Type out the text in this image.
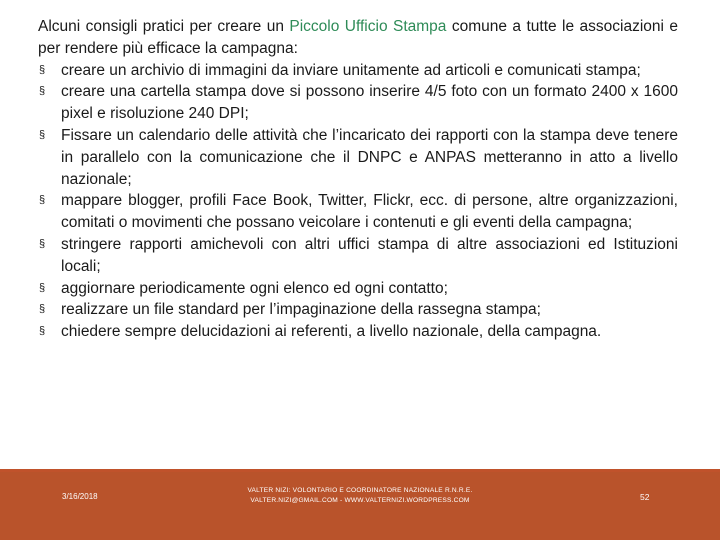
Alcuni consigli pratici per creare un Piccolo Ufficio Stampa comune a tutte le associazioni e per rendere più efficace la campagna:

§ creare un archivio di immagini da inviare unitamente ad articoli e comunicati stampa;
§ creare una cartella stampa dove si possono inserire 4/5 foto con un formato 2400 x 1600 pixel e risoluzione 240 DPI;
§ Fissare un calendario delle attività che l’incaricato dei rapporti con la stampa deve tenere in parallelo con la comunicazione che il DNPC e ANPAS metteranno in atto a livello nazionale;
§ mappare blogger, profili Face Book, Twitter, Flickr, ecc. di persone, altre organizzazioni, comitati o movimenti che possano veicolare i contenuti e gli eventi della campagna;
§ stringere rapporti amichevoli con altri uffici stampa di altre associazioni ed Istituzioni locali;
§ aggiornare periodicamente ogni elenco ed ogni contatto;
§ realizzare un file standard per l’impaginazione della rassegna stampa;
§ chiedere sempre delucidazioni ai referenti, a livello nazionale, della campagna.
3/16/2018
VALTER NIZI: VOLONTARIO E COORDINATORE NAZIONALE R.N.R.E.
VALTER.NIZI@GMAIL.COM - WWW.VALTERNIZI.WORDPRESS.COM	52
